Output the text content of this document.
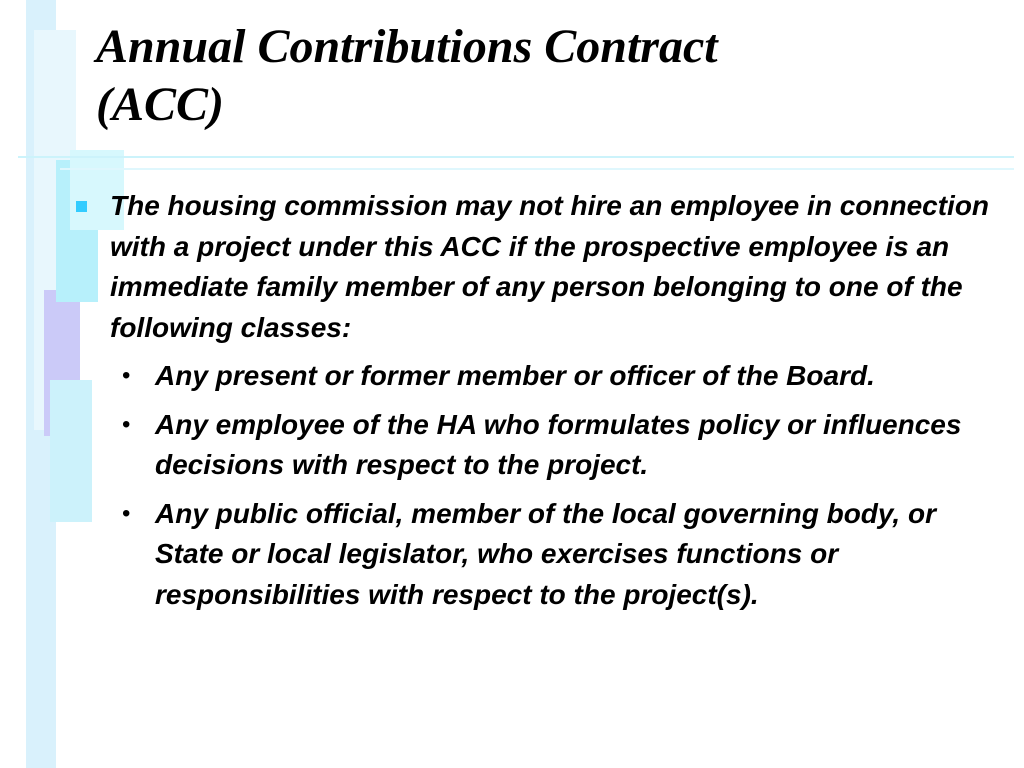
Annual Contributions Contract
(ACC)
The housing commission may not hire an employee in connection with a project under this ACC if the prospective employee is an immediate family member of any person belonging to one of the following classes:
• Any present or former member or officer of the Board.
• Any employee of the HA who formulates policy or influences decisions with respect to the project.
• Any public official, member of the local governing body, or State or local legislator, who exercises functions or responsibilities with respect to the project(s).
